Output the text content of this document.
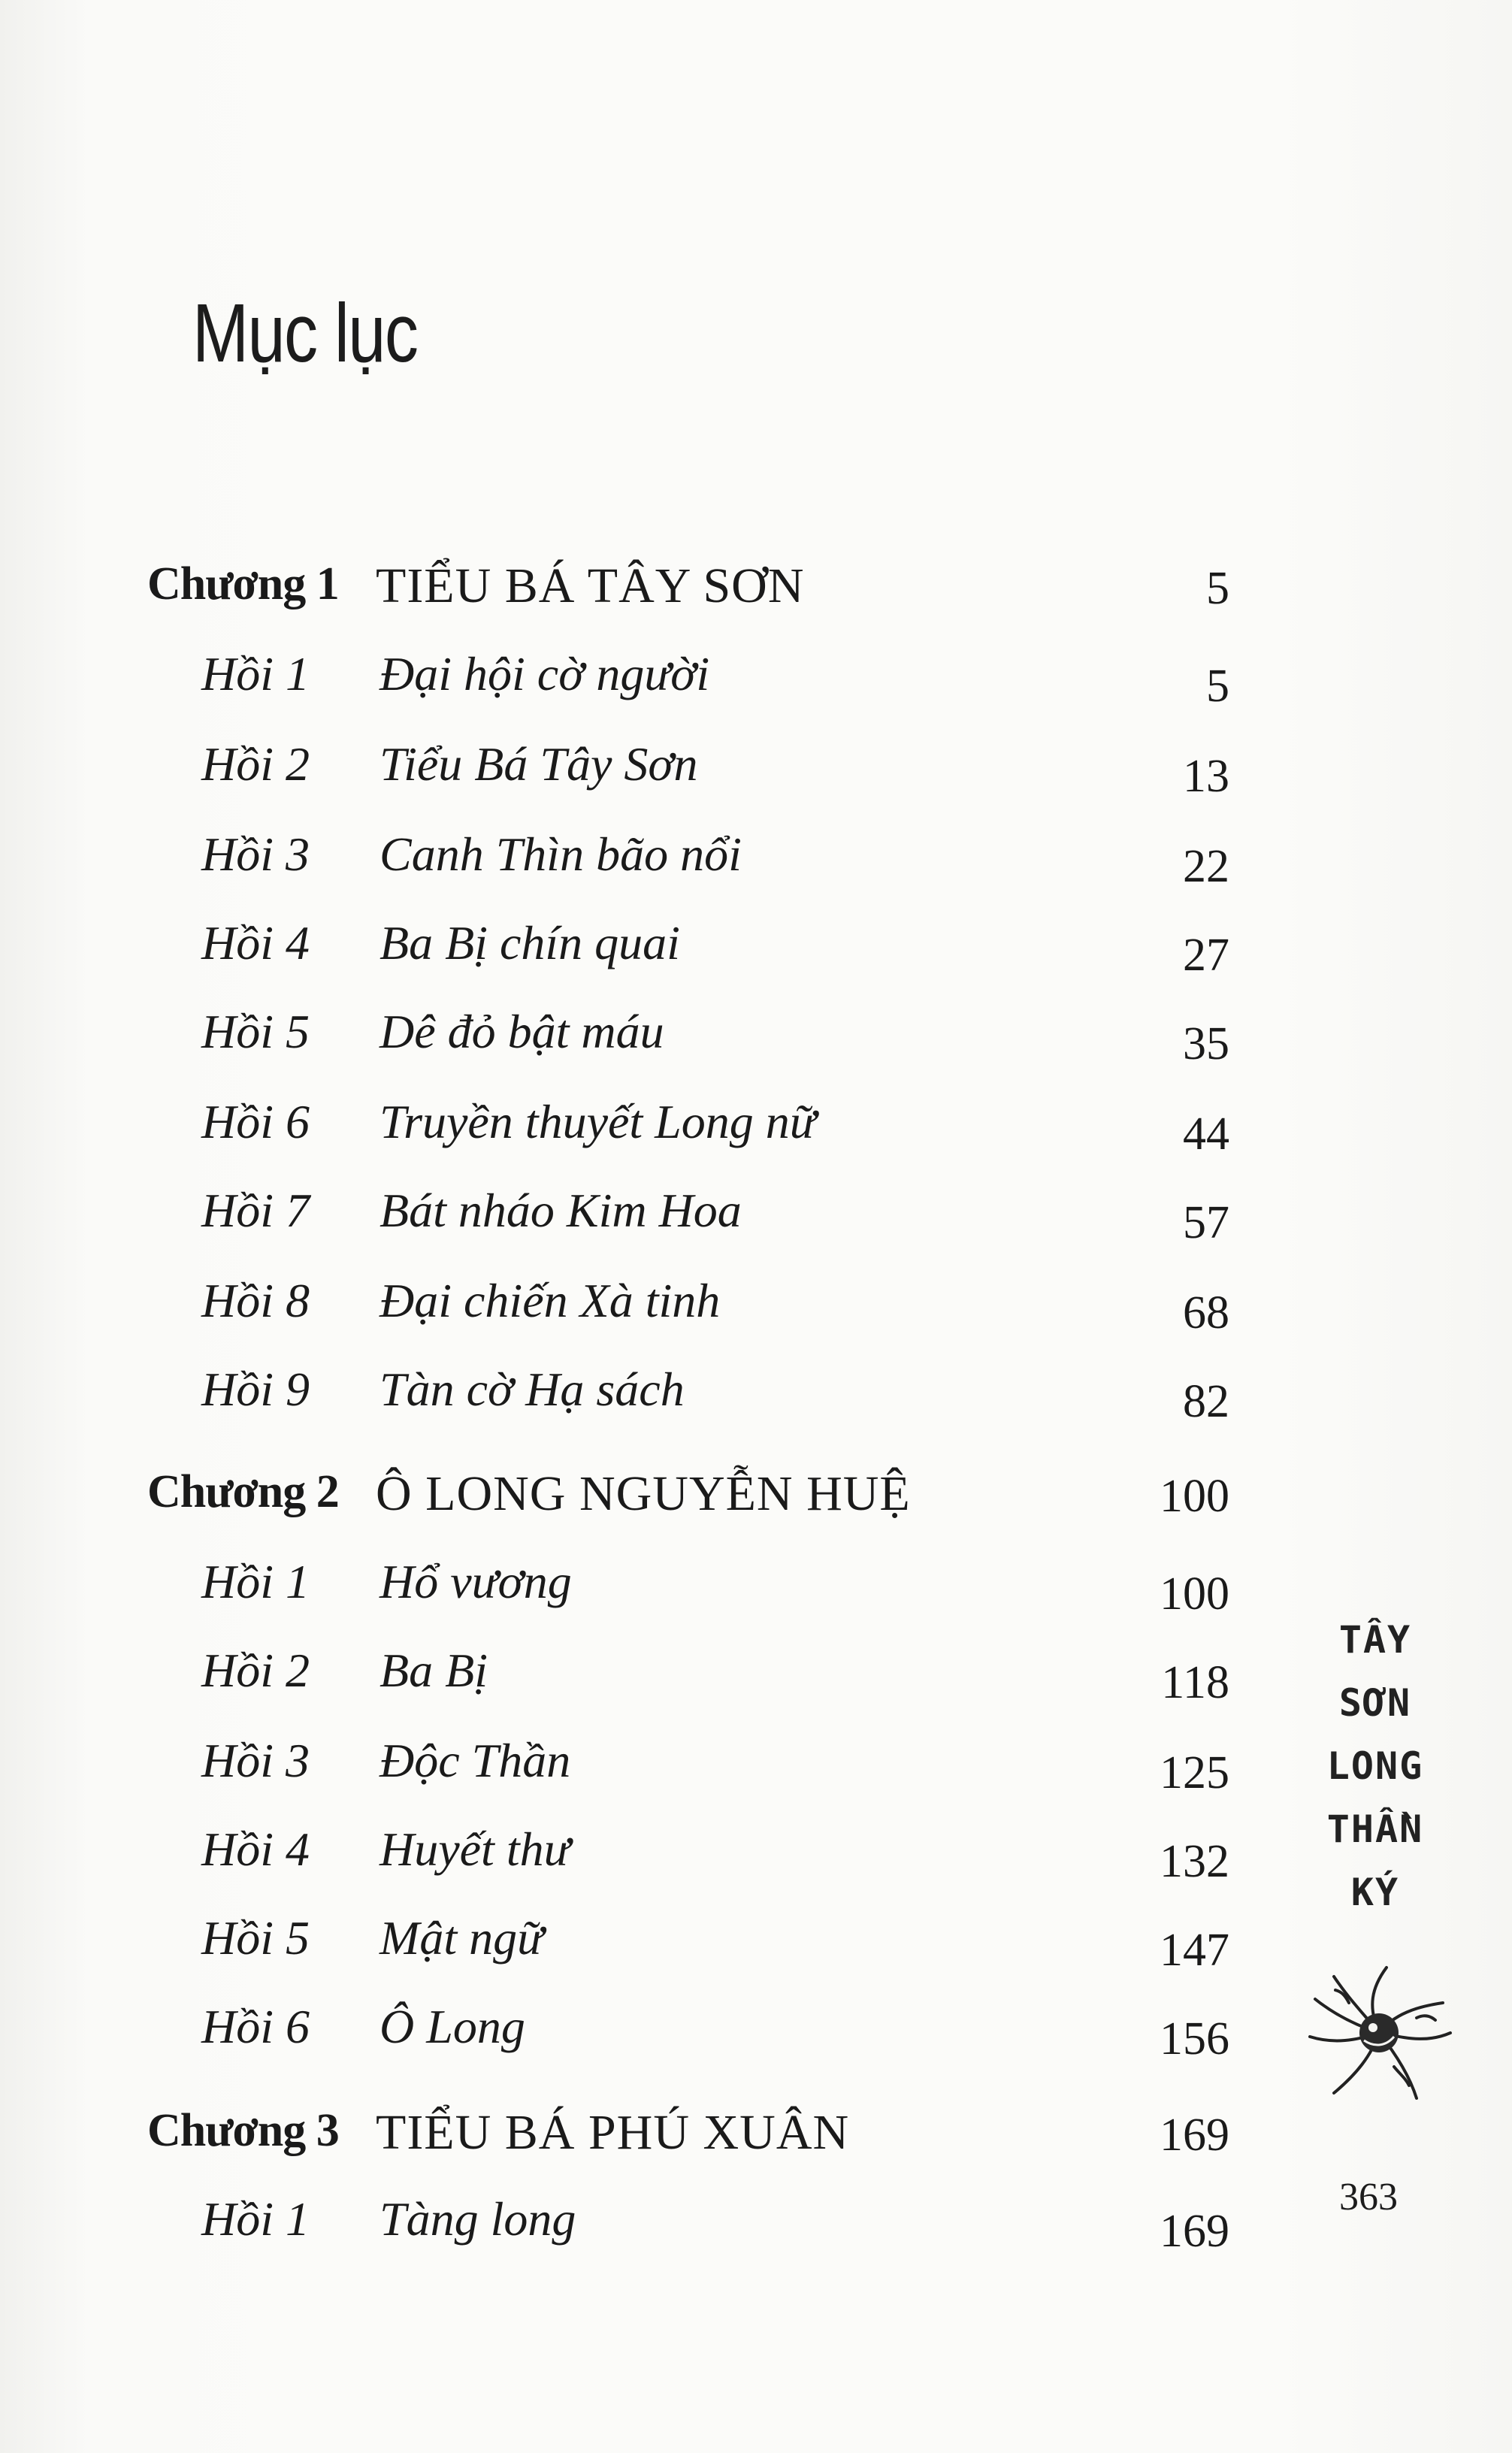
Mục lục
Chương 1 TIỂU BÁ TÂY SƠN	5
Hồi 1 Đại hội cờ người	5
Hồi 2 Tiểu Bá Tây Sơn	13
Hồi 3 Canh Thìn bão nổi	22
Hồi 4 Ba Bị chín quai	27
Hồi 5 Dê đỏ bật máu	35
Hồi 6 Truyền thuyết Long nữ	44
Hồi 7 Bát nháo Kim Hoa	57
Hồi 8 Đại chiến Xà tinh	68
Hồi 9 Tàn cờ Hạ sách	82
Chương 2 Ô LONG NGUYỄN HUỆ	100
Hồi 1 Hổ vương	100
Hồi 2 Ba Bị	118
Hồi 3 Độc Thần	125
Hồi 4 Huyết thư	132
Hồi 5 Mật ngữ	147
Hồi 6 Ô Long	156
Chương 3 TIỂU BÁ PHÚ XUÂN	169
Hồi 1 Tàng long	169
TÂY
SƠN
LONG
THẦN
KÝ
363
